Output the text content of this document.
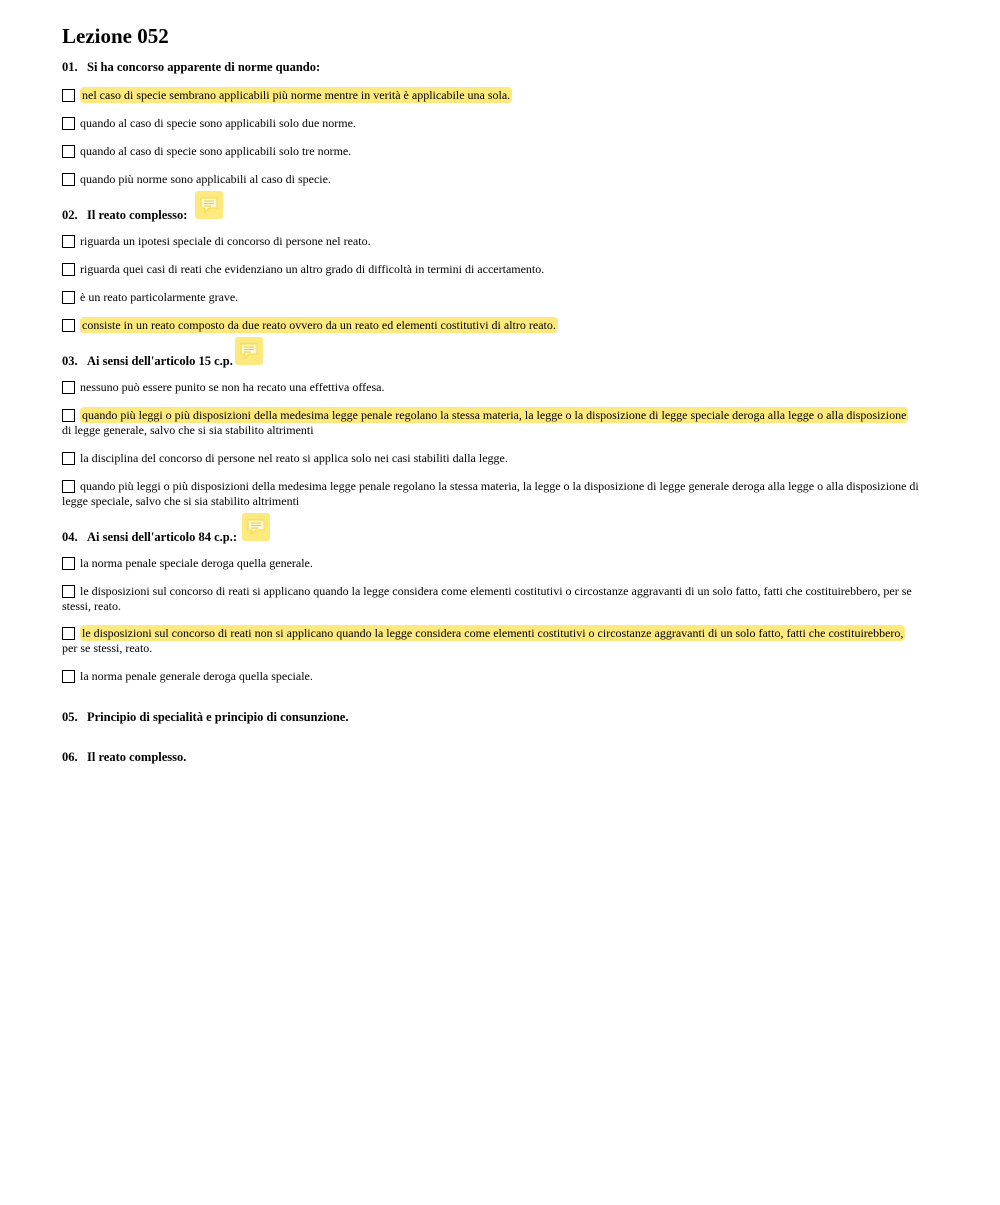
Lezione 052
01. Si ha concorso apparente di norme quando:
nel caso di specie sembrano applicabili più norme mentre in verità è applicabile una sola.
quando al caso di specie sono applicabili solo due norme.
quando al caso di specie sono applicabili solo tre norme.
quando più norme sono applicabili al caso di specie.
02. Il reato complesso:
riguarda un ipotesi speciale di concorso di persone nel reato.
riguarda quei casi di reati che evidenziano un altro grado di difficoltà in termini di accertamento.
è un reato particolarmente grave.
consiste in un reato composto da due reato ovvero da un reato ed elementi costitutivi di altro reato.
03. Ai sensi dell'articolo 15 c.p.
nessuno può essere punito se non ha recato una effettiva offesa.
quando più leggi o più disposizioni della medesima legge penale regolano la stessa materia, la legge o la disposizione di legge speciale deroga alla legge o alla disposizione
di legge generale, salvo che si sia stabilito altrimenti
la disciplina del concorso di persone nel reato si applica solo nei casi stabiliti dalla legge.
quando più leggi o più disposizioni della medesima legge penale regolano la stessa materia, la legge o la disposizione di legge generale deroga alla legge o alla disposizione di legge speciale, salvo che si sia stabilito altrimenti
04. Ai sensi dell'articolo 84 c.p.:
la norma penale speciale deroga quella generale.
le disposizioni sul concorso di reati si applicano quando la legge considera come elementi costitutivi o circostanze aggravanti di un solo fatto, fatti che costituirebbero, per se stessi, reato.
le disposizioni sul concorso di reati non si applicano quando la legge considera come elementi costitutivi o circostanze aggravanti di un solo fatto, fatti che costituirebbero,
per se stessi, reato.
la norma penale generale deroga quella speciale.
05. Principio di specialità e principio di consunzione.
06. Il reato complesso.
